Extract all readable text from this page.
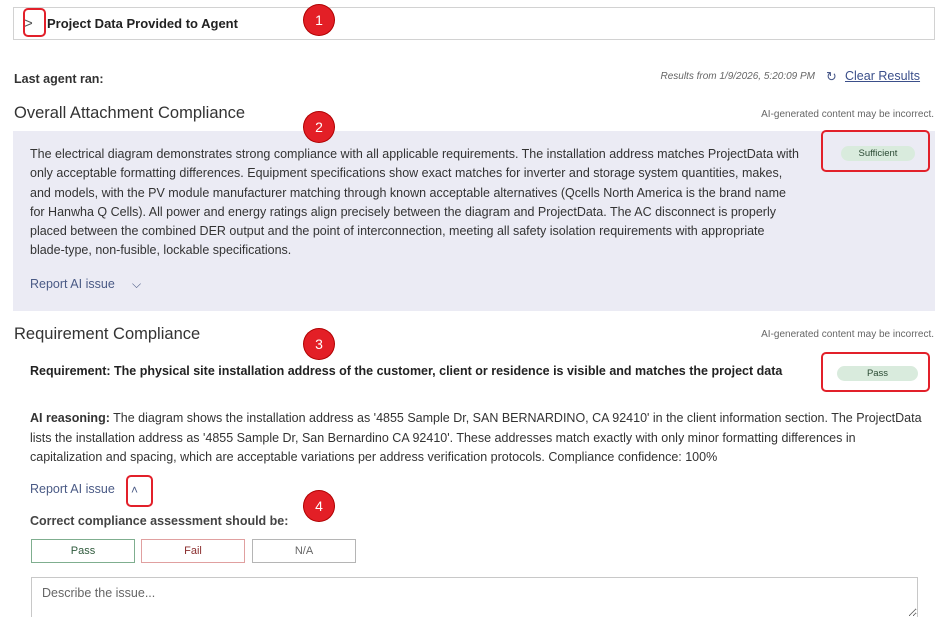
> Project Data Provided to Agent
Last agent ran:	Results from 1/9/2026, 5:20:09 PM ↻ Clear Results
Overall Attachment Compliance	AI-generated content may be incorrect.
The electrical diagram demonstrates strong compliance with all applicable requirements. The installation address matches ProjectData with only acceptable formatting differences. Equipment specifications show exact matches for inverter and storage system quantities, makes, and models, with the PV module manufacturer matching through known acceptable alternatives (Qcells North America is the brand name for Hanwha Q Cells). All power and energy ratings align precisely between the diagram and ProjectData. The AC disconnect is properly placed between the combined DER output and the point of interconnection, meeting all safety isolation requirements with appropriate blade-type, non-fusible, lockable specifications.
Sufficient
Report AI issue ⌵
Requirement Compliance	AI-generated content may be incorrect.
Requirement: The physical site installation address of the customer, client or residence is visible and matches the project data	Pass
AI reasoning: The diagram shows the installation address as '4855 Sample Dr, SAN BERNARDINO, CA 92410' in the client information section. The ProjectData lists the installation address as '4855 Sample Dr, San Bernardino CA 92410'. These addresses match exactly with only minor formatting differences in capitalization and spacing, which are acceptable variations per address verification protocols. Compliance confidence: 100%
Report AI issue ˄
Correct compliance assessment should be:
Pass	Fail	N/A
Describe the issue...
1
2
3
4
